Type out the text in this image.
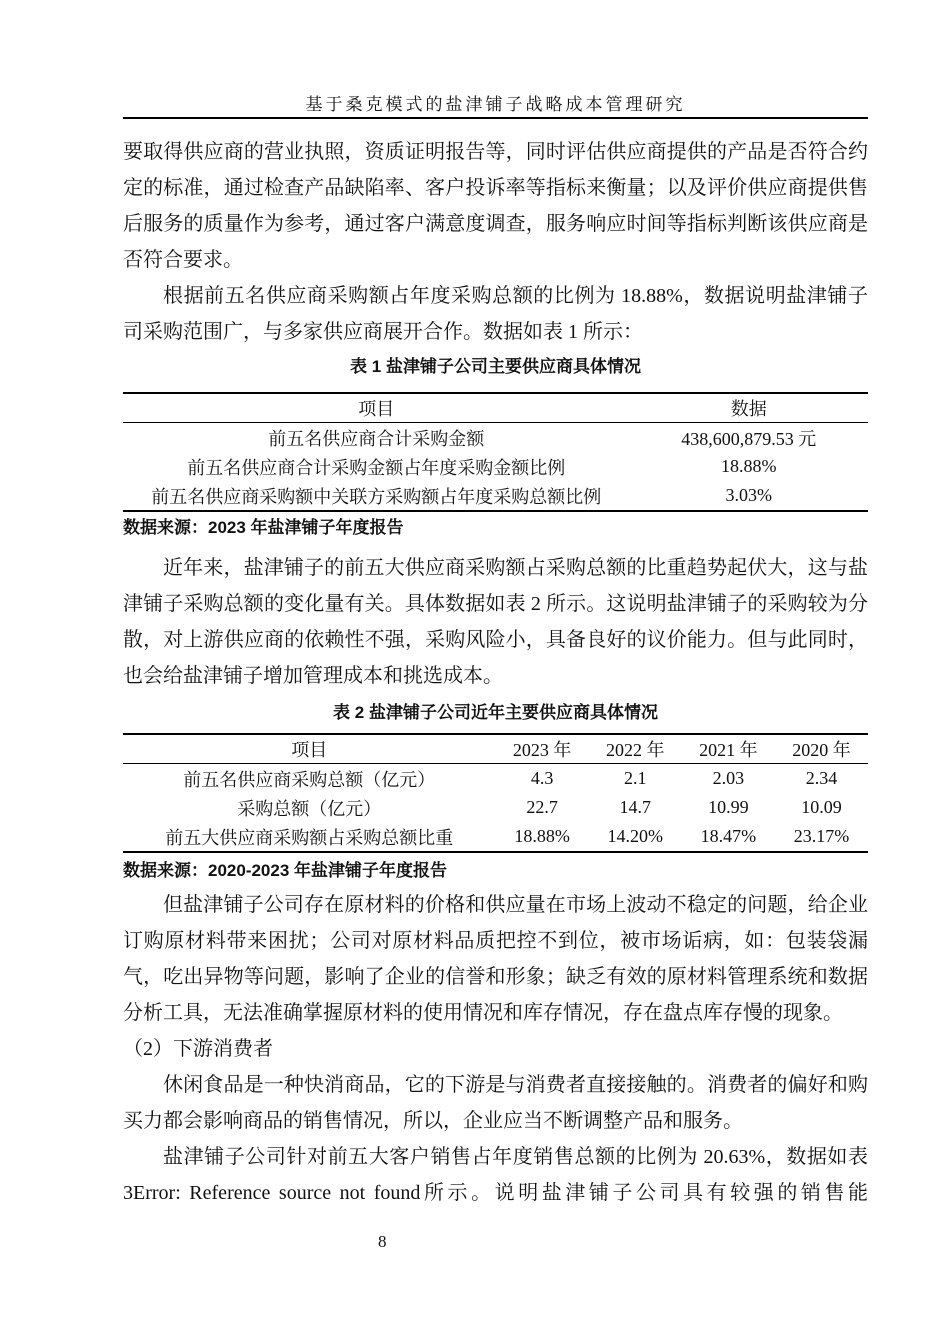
基于桑克模式的盐津铺子战略成本管理研究
要取得供应商的营业执照，资质证明报告等，同时评估供应商提供的产品是否符合约
定的标准，通过检查产品缺陷率、客户投诉率等指标来衡量；以及评价供应商提供售
后服务的质量作为参考，通过客户满意度调查，服务响应时间等指标判断该供应商是
否符合要求。
根据前五名供应商采购额占年度采购总额的比例为 18.88%，数据说明盐津铺子
司采购范围广，与多家供应商展开合作。数据如表 1 所示：
表 1 盐津铺子公司主要供应商具体情况
项目	数据
前五名供应商合计采购金额	438,600,879.53 元
前五名供应商合计采购金额占年度采购金额比例	18.88%
前五名供应商采购额中关联方采购额占年度采购总额比例	3.03%
数据来源：2023 年盐津铺子年度报告
近年来，盐津铺子的前五大供应商采购额占采购总额的比重趋势起伏大，这与盐
津铺子采购总额的变化量有关。具体数据如表 2 所示。这说明盐津铺子的采购较为分
散，对上游供应商的依赖性不强，采购风险小，具备良好的议价能力。但与此同时，
也会给盐津铺子增加管理成本和挑选成本。
表 2 盐津铺子公司近年主要供应商具体情况
项目	2023 年	2022 年	2021 年	2020 年
前五名供应商采购总额（亿元）	4.3	2.1	2.03	2.34
采购总额（亿元）	22.7	14.7	10.99	10.09
前五大供应商采购额占采购总额比重	18.88%	14.20%	18.47%	23.17%
数据来源：2020-2023 年盐津铺子年度报告
但盐津铺子公司存在原材料的价格和供应量在市场上波动不稳定的问题，给企业
订购原材料带来困扰；公司对原材料品质把控不到位，被市场诟病，如：包装袋漏
气，吃出异物等问题，影响了企业的信誉和形象；缺乏有效的原材料管理系统和数据
分析工具，无法准确掌握原材料的使用情况和库存情况，存在盘点库存慢的现象。
（2）下游消费者
休闲食品是一种快消商品，它的下游是与消费者直接接触的。消费者的偏好和购
买力都会影响商品的销售情况，所以，企业应当不断调整产品和服务。
盐津铺子公司针对前五大客户销售占年度销售总额的比例为 20.63%，数据如表
3Error: Reference source not found所示。说明盐津铺子公司具有较强的销售能
8
